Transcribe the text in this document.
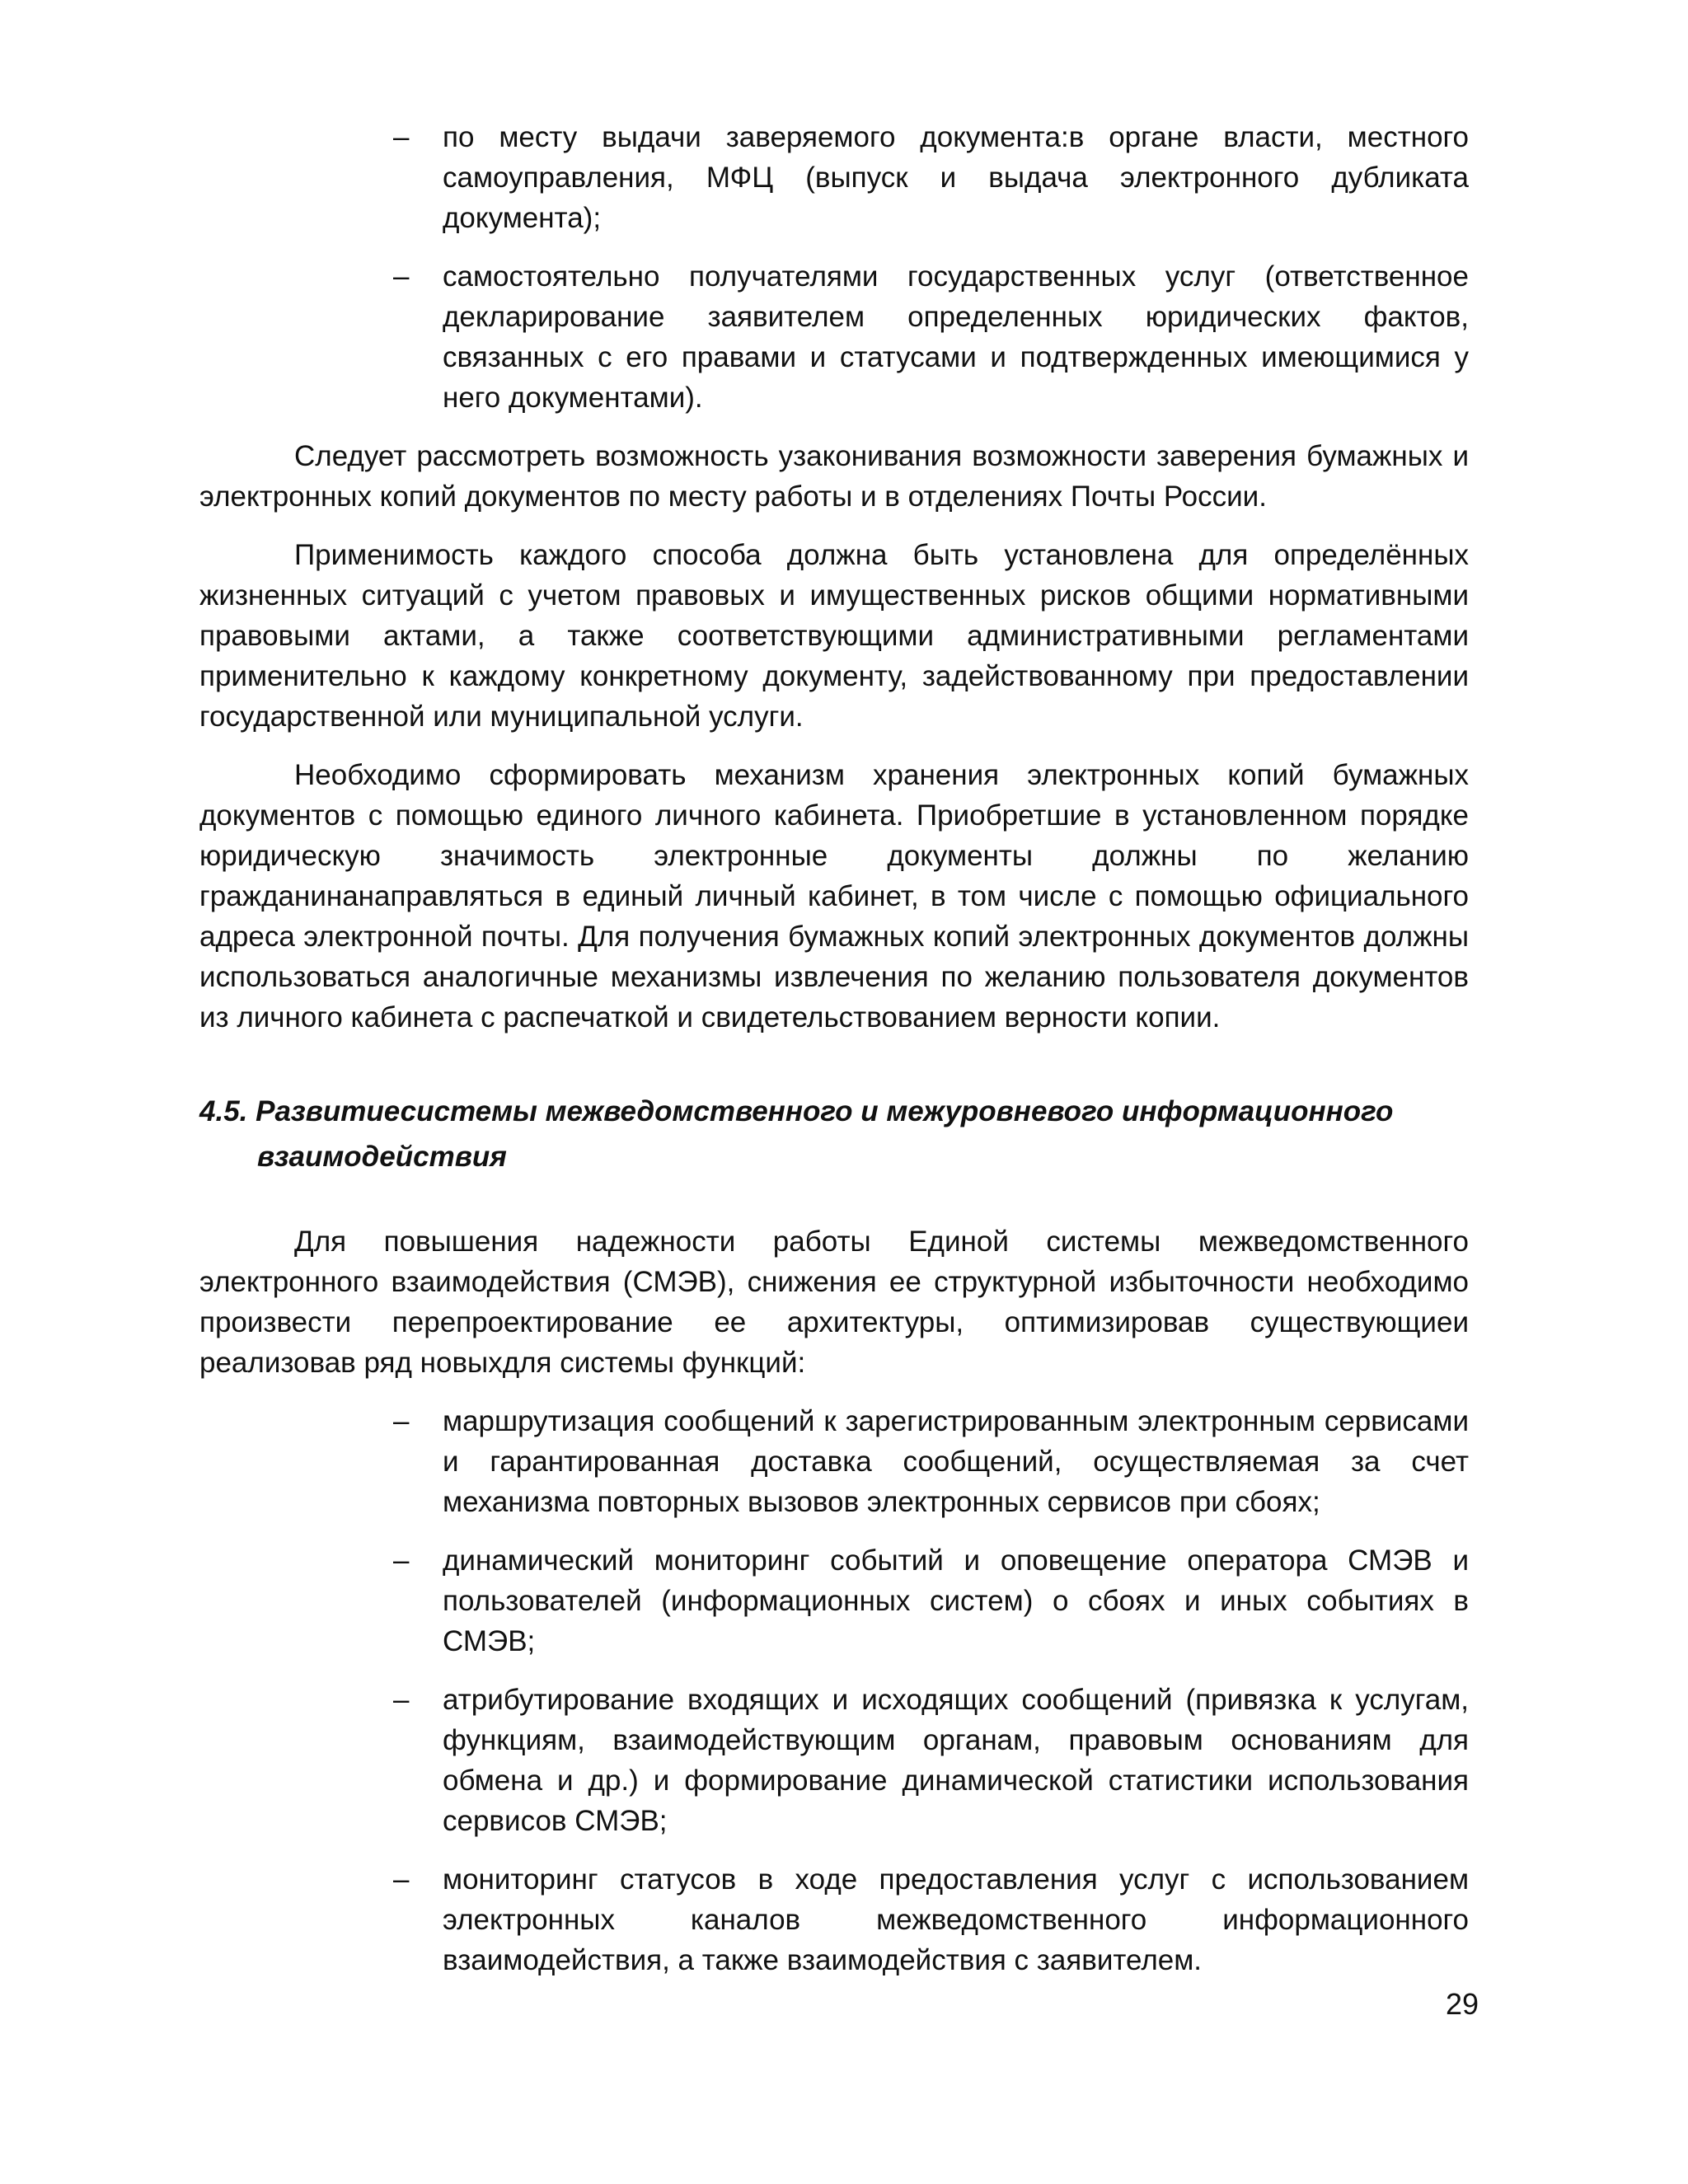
– по месту выдачи заверяемого документа:в органе власти, местного самоуправления, МФЦ (выпуск и выдача электронного дубликата документа);
– самостоятельно получателями государственных услуг (ответственное декларирование заявителем определенных юридических фактов, связанных с его правами и статусами и подтвержденных имеющимися у него документами).

Следует рассмотреть возможность узаконивания возможности заверения бумажных и электронных копий документов по месту работы и в отделениях Почты России.

Применимость каждого способа должна быть установлена для определённых жизненных ситуаций с учетом правовых и имущественных рисков общими нормативными правовыми актами, а также соответствующими административными регламентами применительно к каждому конкретному документу, задействованному при предоставлении государственной или муниципальной услуги.

Необходимо сформировать механизм хранения электронных копий бумажных документов с помощью единого личного кабинета. Приобретшие в установленном порядке юридическую значимость электронные документы должны по желанию гражданинанаправляться в единый личный кабинет, в том числе с помощью официального адреса электронной почты. Для получения бумажных копий электронных документов должны использоваться аналогичные механизмы извлечения по желанию пользователя документов из личного кабинета с распечаткой и свидетельствованием верности копии.

4.5. Развитиесистемы межведомственного и межуровневого информационного взаимодействия

Для повышения надежности работы Единой системы межведомственного электронного взаимодействия (СМЭВ), снижения ее структурной избыточности необходимо произвести перепроектирование ее архитектуры, оптимизировав существующиеи реализовав ряд новыхдля системы функций:

– маршрутизация сообщений к зарегистрированным электронным сервисами и гарантированная доставка сообщений, осуществляемая за счет механизма повторных вызовов электронных сервисов при сбоях;
– динамический мониторинг событий и оповещение оператора СМЭВ и пользователей (информационных систем) о сбоях и иных событиях в СМЭВ;
– атрибутирование входящих и исходящих сообщений (привязка к услугам, функциям, взаимодействующим органам, правовым основаниям для обмена и др.) и формирование динамической статистики использования сервисов СМЭВ;
– мониторинг статусов в ходе предоставления услуг с использованием электронных каналов межведомственного информационного взаимодействия, а также взаимодействия с заявителем.
29
